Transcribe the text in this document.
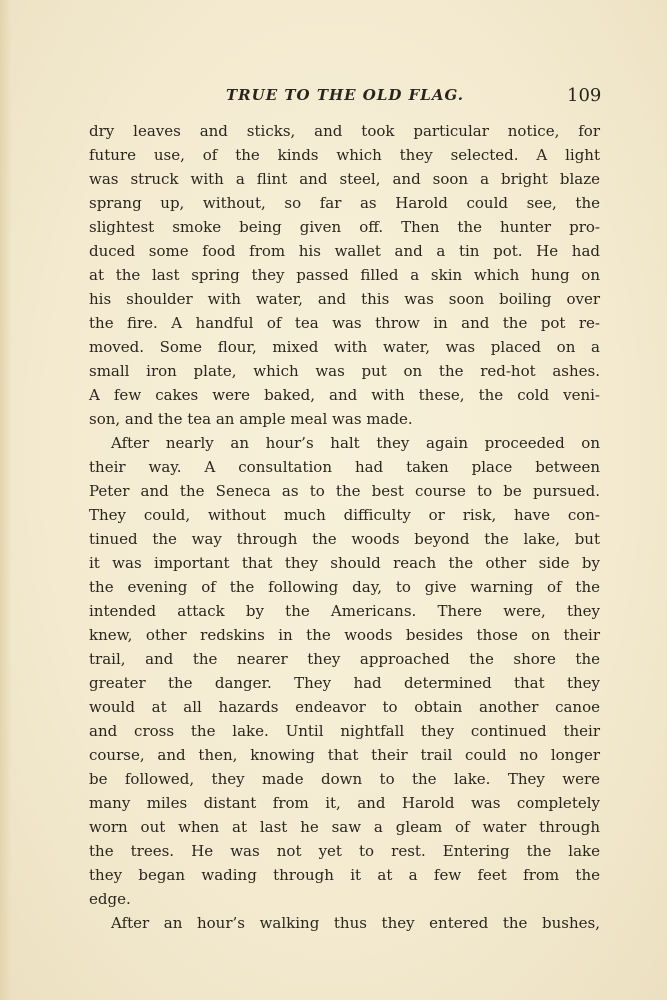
TRUE TO THE OLD FLAG.	109
dry leaves and sticks, and took particular notice, for
future use, of the kinds which they selected. A light
was struck with a flint and steel, and soon a bright blaze
sprang up, without, so far as Harold could see, the
slightest smoke being given off. Then the hunter pro-
duced some food from his wallet and a tin pot. He had
at the last spring they passed filled a skin which hung on
his shoulder with water, and this was soon boiling over
the fire. A handful of tea was throw in and the pot re-
moved. Some flour, mixed with water, was placed on a
small iron plate, which was put on the red-hot ashes.
A few cakes were baked, and with these, the cold veni-
son, and the tea an ample meal was made.
After nearly an hour’s halt they again proceeded on
their way. A consultation had taken place between
Peter and the Seneca as to the best course to be pursued.
They could, without much difficulty or risk, have con-
tinued the way through the woods beyond the lake, but
it was important that they should reach the other side by
the evening of the following day, to give warning of the
intended attack by the Americans. There were, they
knew, other redskins in the woods besides those on their
trail, and the nearer they approached the shore the
greater the danger. They had determined that they
would at all hazards endeavor to obtain another canoe
and cross the lake. Until nightfall they continued their
course, and then, knowing that their trail could no longer
be followed, they made down to the lake. They were
many miles distant from it, and Harold was completely
worn out when at last he saw a gleam of water through
the trees. He was not yet to rest. Entering the lake
they began wading through it at a few feet from the
edge.
After an hour’s walking thus they entered the bushes,
